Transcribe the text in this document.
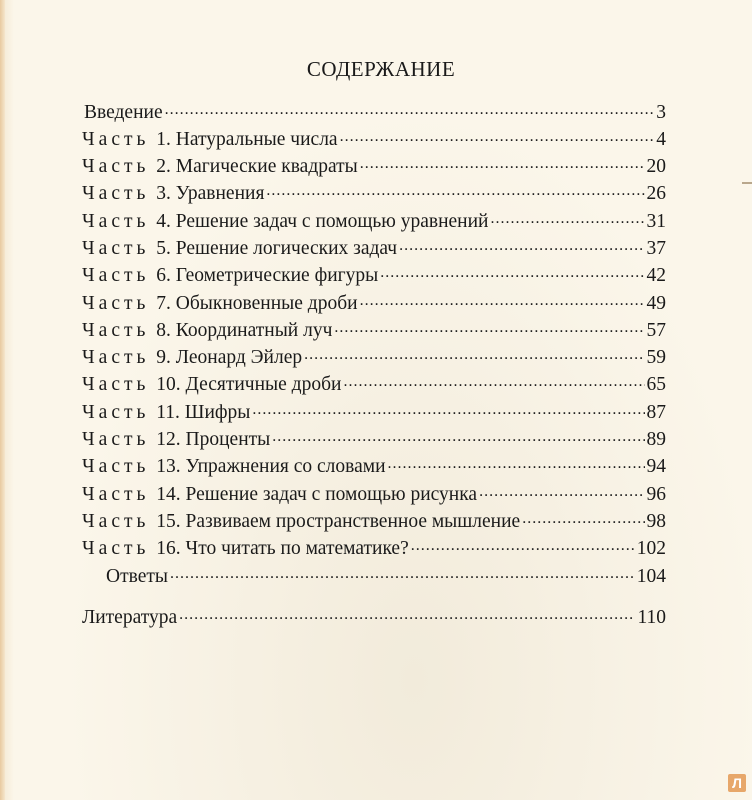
СОДЕРЖАНИЕ
Введение .....	3
Часть 1. Натуральные числа .....	4
Часть 2. Магические квадраты .....	20
Часть 3. Уравнения .....	26
Часть 4. Решение задач с помощью уравнений .....	31
Часть 5. Решение логических задач .....	37
Часть 6. Геометрические фигуры .....	42
Часть 7. Обыкновенные дроби .....	49
Часть 8. Координатный луч .....	57
Часть 9. Леонард Эйлер .....	59
Часть 10. Десятичные дроби .....	65
Часть 11. Шифры .....	87
Часть 12. Проценты .....	89
Часть 13. Упражнения со словами .....	94
Часть 14. Решение задач с помощью рисунка .....	96
Часть 15. Развиваем пространственное мышление .....	98
Часть 16. Что читать по математике? .....	102
Ответы .....	104
Литература .....	110
Л
